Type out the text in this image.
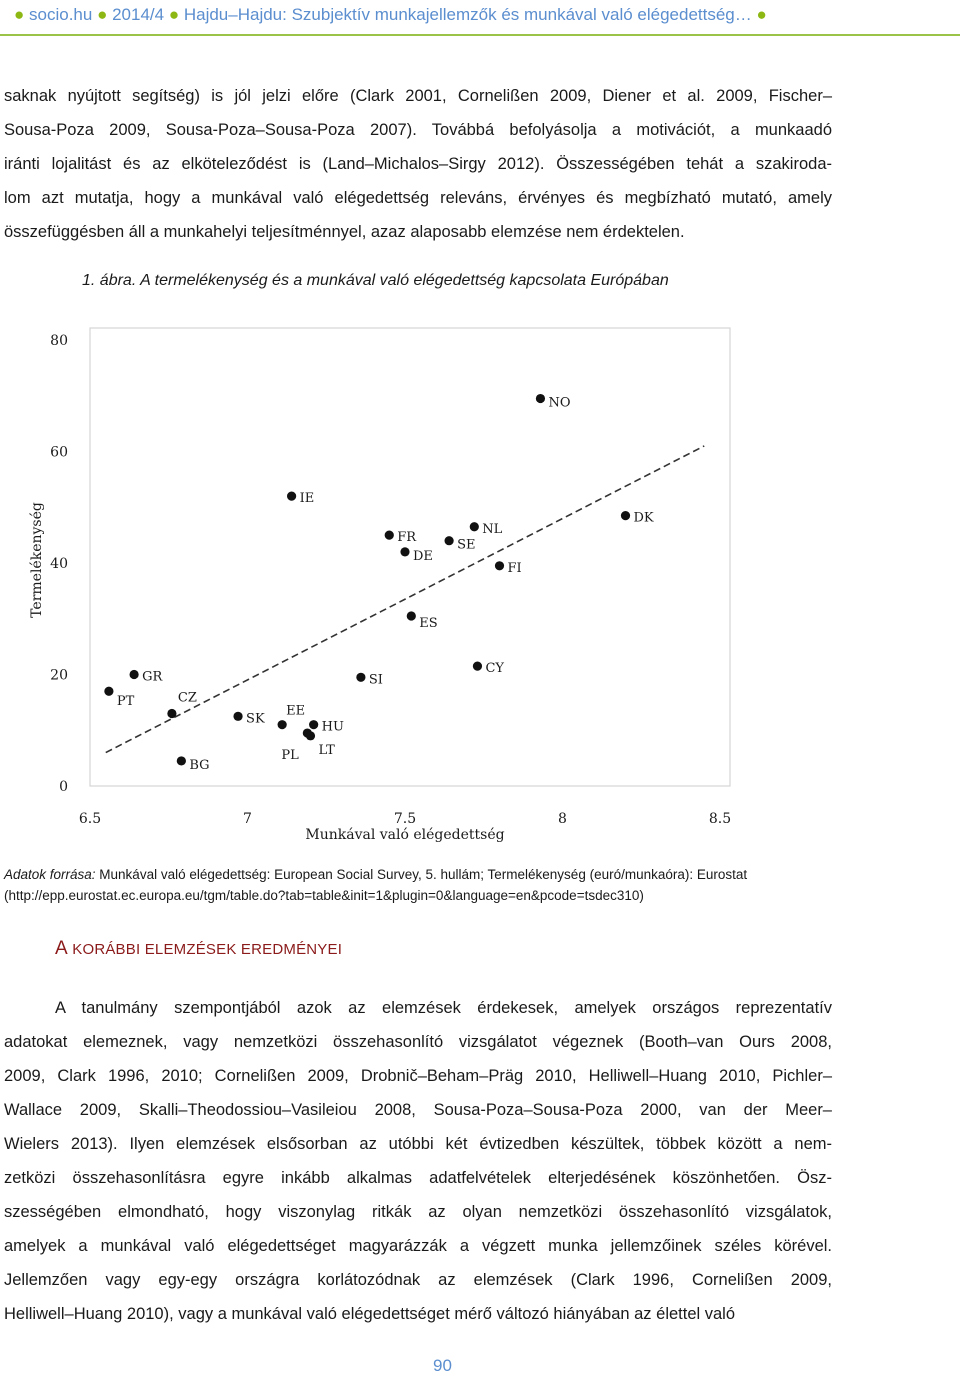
● socio.hu ● 2014/4 ● Hajdu–Hajdu: Szubjektív munkajellemzők és munkával való elégedettség… ●
saknak nyújtott segítség) is jól jelzi előre (Clark 2001, Cornelißen 2009, Diener et al. 2009, Fischer–
Sousa-Poza 2009, Sousa-Poza–Sousa-Poza 2007). Továbbá befolyásolja a motivációt, a munkaadó
iránti lojalitást és az elköteleződést is (Land–Michalos–Sirgy 2012). Összességében tehát a szakiroda-
lom azt mutatja, hogy a munkával való elégedettség releváns, érvényes és megbízható mutató, amely
összefüggésben áll a munkahelyi teljesítménnyel, azaz alaposabb elemzése nem érdektelen.
1. ábra. A termelékenység és a munkával való elégedettség kapcsolata Európában
0
20
40
60
80
6.5	7	7.5	8	8.5
NO
IE
DK
NL
FR
SE
DE
FI
ES
CY
GR	SI
PT	CZ
SK
HU
EE
PL LT
BG
Munkával való elégedettség
Termelékenység
Adatok forrása: Munkával való elégedettség: European Social Survey, 5. hullám; Termelékenység (euró/munkaóra): Eurostat (http://epp.eurostat.ec.europa.eu/tgm/table.do?tab=table&init=1&plugin=0&language=en&pcode=tsdec310)
A KORÁBBI ELEMZÉSEK EREDMÉNYEI
A tanulmány szempontjából azok az elemzések érdekesek, amelyek országos reprezentatív
adatokat elemeznek, vagy nemzetközi összehasonlító vizsgálatot végeznek (Booth–van Ours 2008,
2009, Clark 1996, 2010; Cornelißen 2009, Drobnič–Beham–Präg 2010, Helliwell–Huang 2010, Pichler–
Wallace 2009, Skalli–Theodossiou–Vasileiou 2008, Sousa-Poza–Sousa-Poza 2000, van der Meer–
Wielers 2013). Ilyen elemzések elsősorban az utóbbi két évtizedben készültek, többek között a nem-
zetközi összehasonlításra egyre inkább alkalmas adatfelvételek elterjedésének köszönhetően. Ösz-
szességében elmondható, hogy viszonylag ritkák az olyan nemzetközi összehasonlító vizsgálatok,
amelyek a munkával való elégedettséget magyarázzák a végzett munka jellemzőinek széles körével.
Jellemzően vagy egy-egy országra korlátozódnak az elemzések (Clark 1996, Cornelißen 2009,
Helliwell–Huang 2010), vagy a munkával való elégedettséget mérő változó hiányában az élettel való
90
